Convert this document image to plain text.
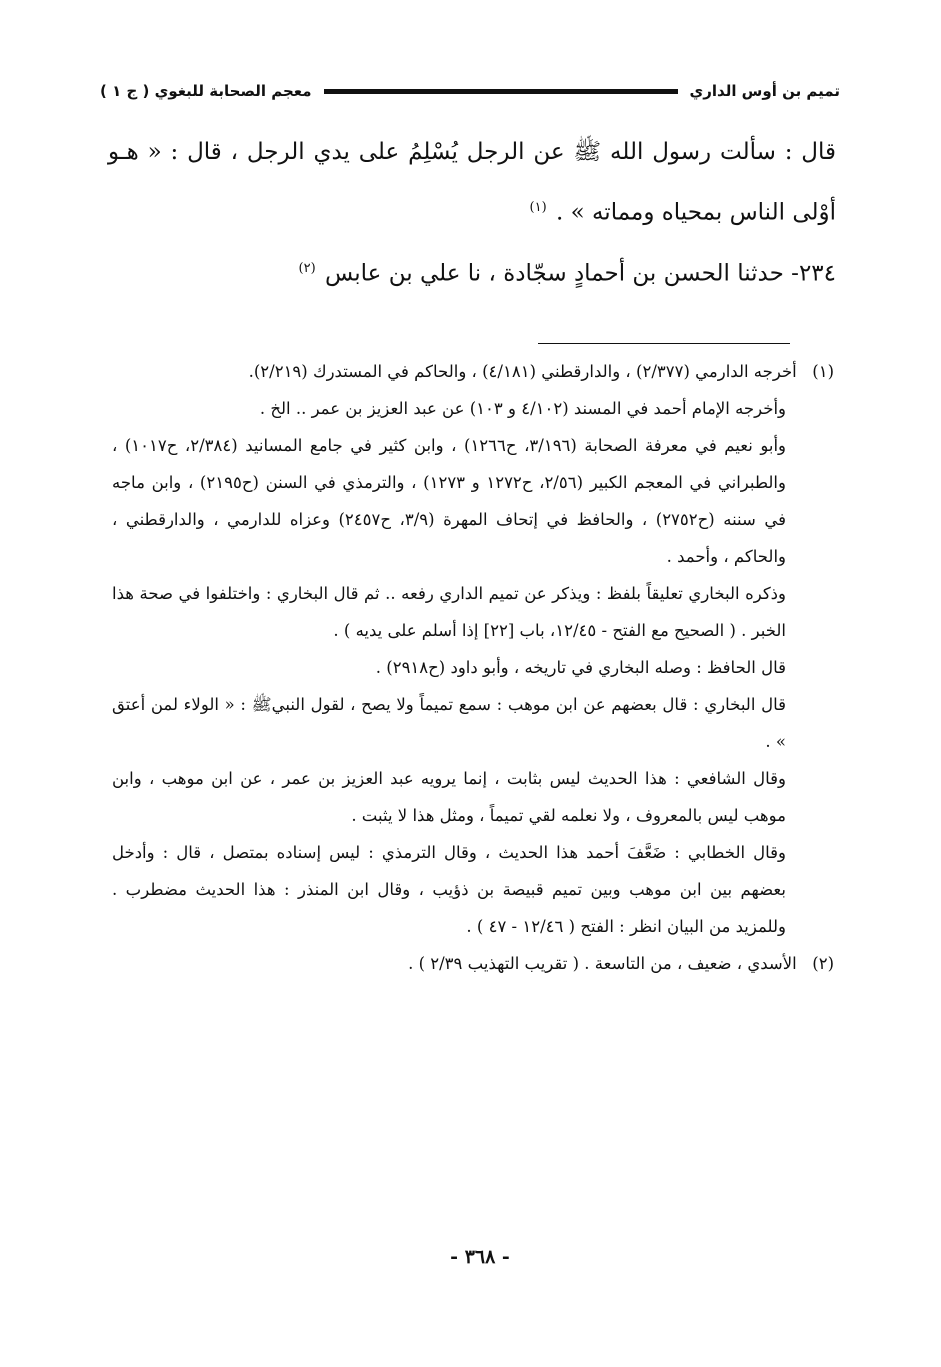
تميم بن أوس الداري
معجم الصحابة للبغوي ( ج ١ )

قال : سألت رسول الله ﷺ عن الرجل يُسْلِمُ على يدي الرجل ، قال : « هـو أوْلى الناس بمحياه ومماته » . $^{(١)}$

٢٣٤- حدثنا الحسن بن أحمادٍ سجّادة ، نا علي بن عابس $^{(٢)}$

(١) أخرجه الدارمي (٢/٣٧٧) ، والدارقطني (٤/١٨١) ، والحاكم في المستدرك (٢/٢١٩).

وأخرجه الإمام أحمد في المسند (٤/١٠٢ و ١٠٣) عن عبد العزيز بن عمر .. الخ .

وأبو نعيم في معرفة الصحابة (٣/١٩٦، ح١٢٦٦) ، وابن كثير في جامع المسانيد (٢/٣٨٤، ح١٠١٧) ، والطبراني في المعجم الكبير (٢/٥٦، ح١٢٧٢ و ١٢٧٣) ، والترمذي في السنن (ح٢١٩٥) ، وابن ماجه في سننه (ح٢٧٥٢) ، والحافظ في إتحاف المهرة (٣/٩، ح٢٤٥٧) وعزاه للدارمي ، والدارقطني ، والحاكم ، وأحمد .

وذكره البخاري تعليقاً بلفظ : ويذكر عن تميم الداري رفعه .. ثم قال البخاري : واختلفوا في صحة هذا الخبر . ( الصحيح مع الفتح - ١٢/٤٥، باب [٢٢] إذا أسلم على يديه ) .

قال الحافظ : وصله البخاري في تاريخه ، وأبو داود (ح٢٩١٨) .

قال البخاري : قال بعضهم عن ابن موهب : سمع تميماً ولا يصح ، لقول النبيﷺ : « الولاء لمن أعتق » .

وقال الشافعي : هذا الحديث ليس بثابت ، إنما يرويه عبد العزيز بن عمر ، عن ابن موهب ، وابن موهب ليس بالمعروف ، ولا نعلمه لقي تميماً ، ومثل هذا لا يثبت .

وقال الخطابي : ضَعَّفَ أحمد هذا الحديث ، وقال الترمذي : ليس إسناده بمتصل ، قال : وأدخل بعضهم بين ابن موهب وبين تميم قبيصة بن ذؤيب ، وقال ابن المنذر : هذا الحديث مضطرب . وللمزيد من البيان انظر : الفتح ( ١٢/٤٦ - ٤٧ ) .

(٢) الأسدي ، ضعيف ، من التاسعة . ( تقريب التهذيب ٢/٣٩ ) .

- ٣٦٨ -
